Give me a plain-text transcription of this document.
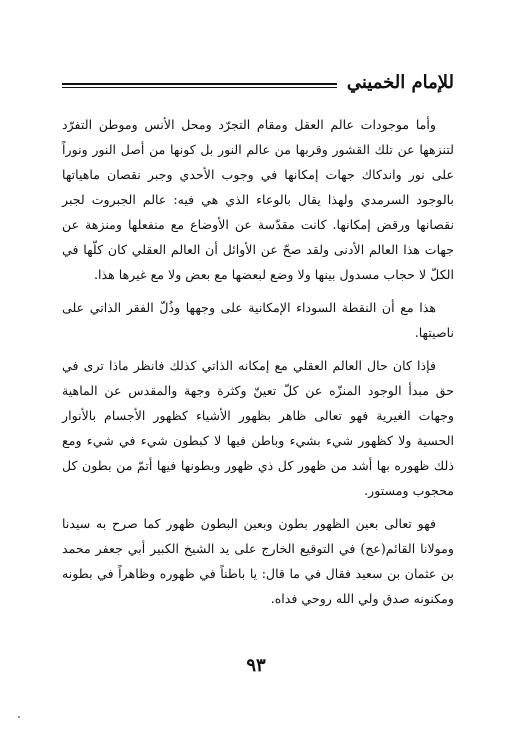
للإمام الخميني

وأما موجودات عالم العقل ومقام التجرّد ومحل الأنس وموطن التفرّد لتنزهها عن تلك القشور وقربها من عالم النور بل كونها من أصل النور ونوراً على نور واندكاك جهات إمكانها في وجوب الأحدي وجبر نقصان ماهياتها بالوجود السرمدي ولهذا يقال بالوعاء الذي هي فيه: عالم الجبروت لجبر نقصانها ورقض إمكانها. كانت مقدّسة عن الأوضاع مع منفعلها ومنزهة عن جهات هذا العالم الأدنى ولقد صحّ عن الأوائل أن العالم العقلي كان كلّها في الكلّ لا حجاب مسدول بينها ولا وضع لبعضها مع بعض ولا مع غيرها هذا.

هذا مع أن النقطة السوداء الإمكانية على وجهها وذُلّ الفقر الذاتي على ناصيتها.

فإذا كان حال العالم العقلي مع إمكانه الذاتي كذلك فانظر ماذا ترى في حق مبدأ الوجود المنزّه عن كلّ تعينّ وكثرة وجهة والمقدس عن الماهية وجهات الغيرية فهو تعالى ظاهر بظهور الأشياء كظهور الأجسام بالأنوار الحسية ولا كظهور شيء بشيء وباطن فيها لا كبطون شيء في شيء ومع ذلك ظهوره بها أشد من ظهور كل ذي ظهور وبطونها فيها أتمّ من بطون كل محجوب ومستور.

فهو تعالى بعين الظهور بطون وبعين البطون ظهور كما صرح به سيدنا ومولانا القائم(عج) في التوقيع الخارج على يد الشيخ الكبير أبي جعفر محمد بن عثمان بن سعيد فقال في ما قال: يا باطناً في ظهوره وظاهراً في بطونه ومكنونه صدق ولي الله روحي فداه.

٩٣
